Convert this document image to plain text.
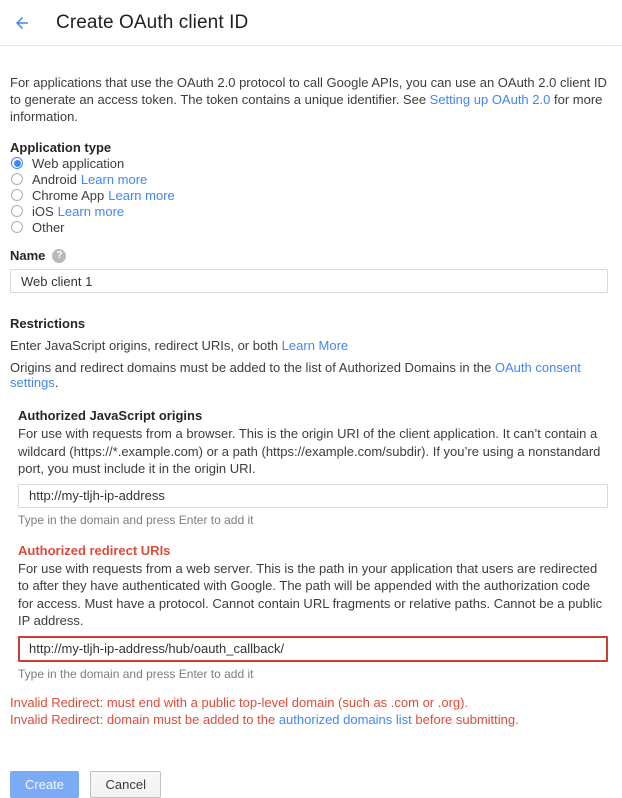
Create OAuth client ID

For applications that use the OAuth 2.0 protocol to call Google APIs, you can use an OAuth 2.0 client ID to generate an access token. The token contains a unique identifier. See Setting up OAuth 2.0 for more information.

Application type
Web application
Android Learn more
Chrome App Learn more
iOS Learn more
Other
Name	?
Web client 1
Restrictions
Enter JavaScript origins, redirect URIs, or both Learn More
Origins and redirect domains must be added to the list of Authorized Domains in the OAuth consent settings.
Authorized JavaScript origins
For use with requests from a browser. This is the origin URI of the client application. It can’t contain a wildcard (https://*.example.com) or a path (https://example.com/subdir). If you’re using a nonstandard port, you must include it in the origin URI.
http://my-tljh-ip-address
Type in the domain and press Enter to add it
Authorized redirect URIs
For use with requests from a web server. This is the path in your application that users are redirected to after they have authenticated with Google. The path will be appended with the authorization code for access. Must have a protocol. Cannot contain URL fragments or relative paths. Cannot be a public IP address.
http://my-tljh-ip-address/hub/oauth_callback/
Type in the domain and press Enter to add it
Invalid Redirect: must end with a public top-level domain (such as .com or .org).
Invalid Redirect: domain must be added to the authorized domains list before submitting.
Create	Cancel
